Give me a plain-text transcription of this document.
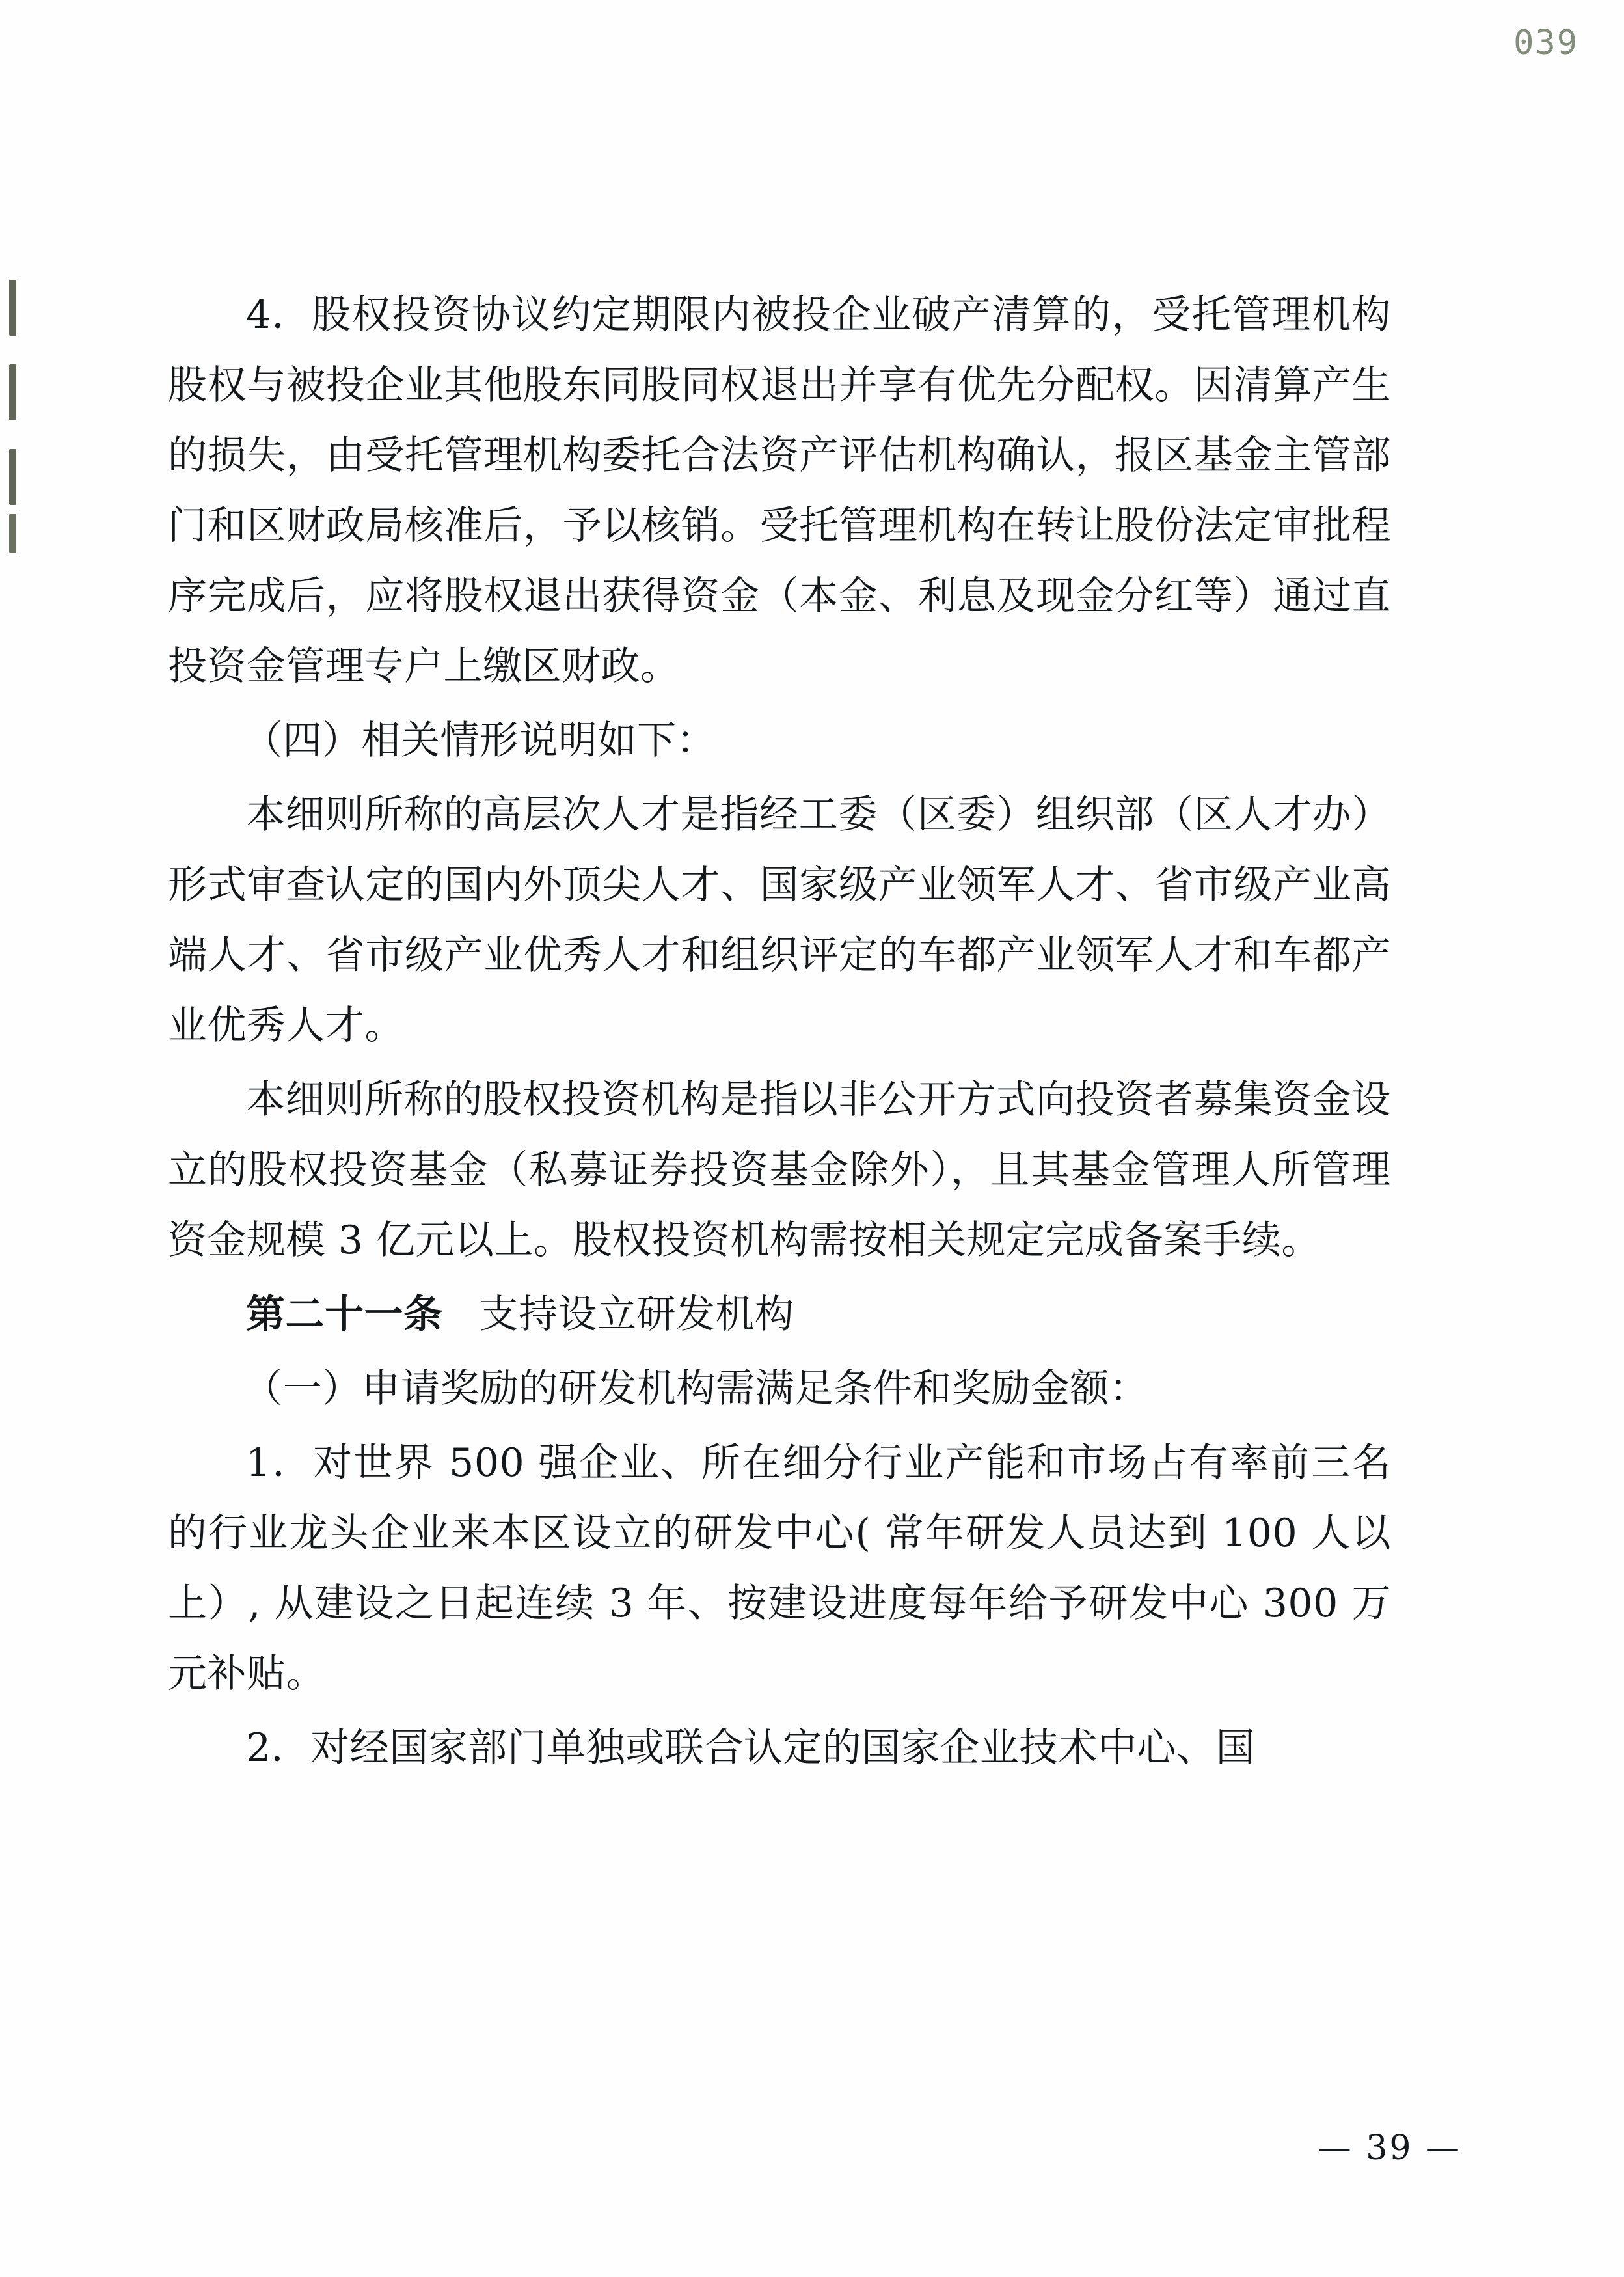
039

4．股权投资协议约定期限内被投企业破产清算的，受托管理机构股权与被投企业其他股东同股同权退出并享有优先分配权。因清算产生的损失，由受托管理机构委托合法资产评估机构确认，报区基金主管部门和区财政局核准后，予以核销。受托管理机构在转让股份法定审批程序完成后，应将股权退出获得资金（本金、利息及现金分红等）通过直投资金管理专户上缴区财政。

（四）相关情形说明如下：

本细则所称的高层次人才是指经工委（区委）组织部（区人才办）形式审查认定的国内外顶尖人才、国家级产业领军人才、省市级产业高端人才、省市级产业优秀人才和组织评定的车都产业领军人才和车都产业优秀人才。

本细则所称的股权投资机构是指以非公开方式向投资者募集资金设立的股权投资基金（私募证券投资基金除外），且其基金管理人所管理资金规模 3 亿元以上。股权投资机构需按相关规定完成备案手续。

第二十一条 支持设立研发机构

（一）申请奖励的研发机构需满足条件和奖励金额：

1．对世界 500 强企业、所在细分行业产能和市场占有率前三名的行业龙头企业来本区设立的研发中心( 常年研发人员达到 100 人以上）, 从建设之日起连续 3 年、按建设进度每年给予研发中心 300 万元补贴。

2．对经国家部门单独或联合认定的国家企业技术中心、国

— 39 —
